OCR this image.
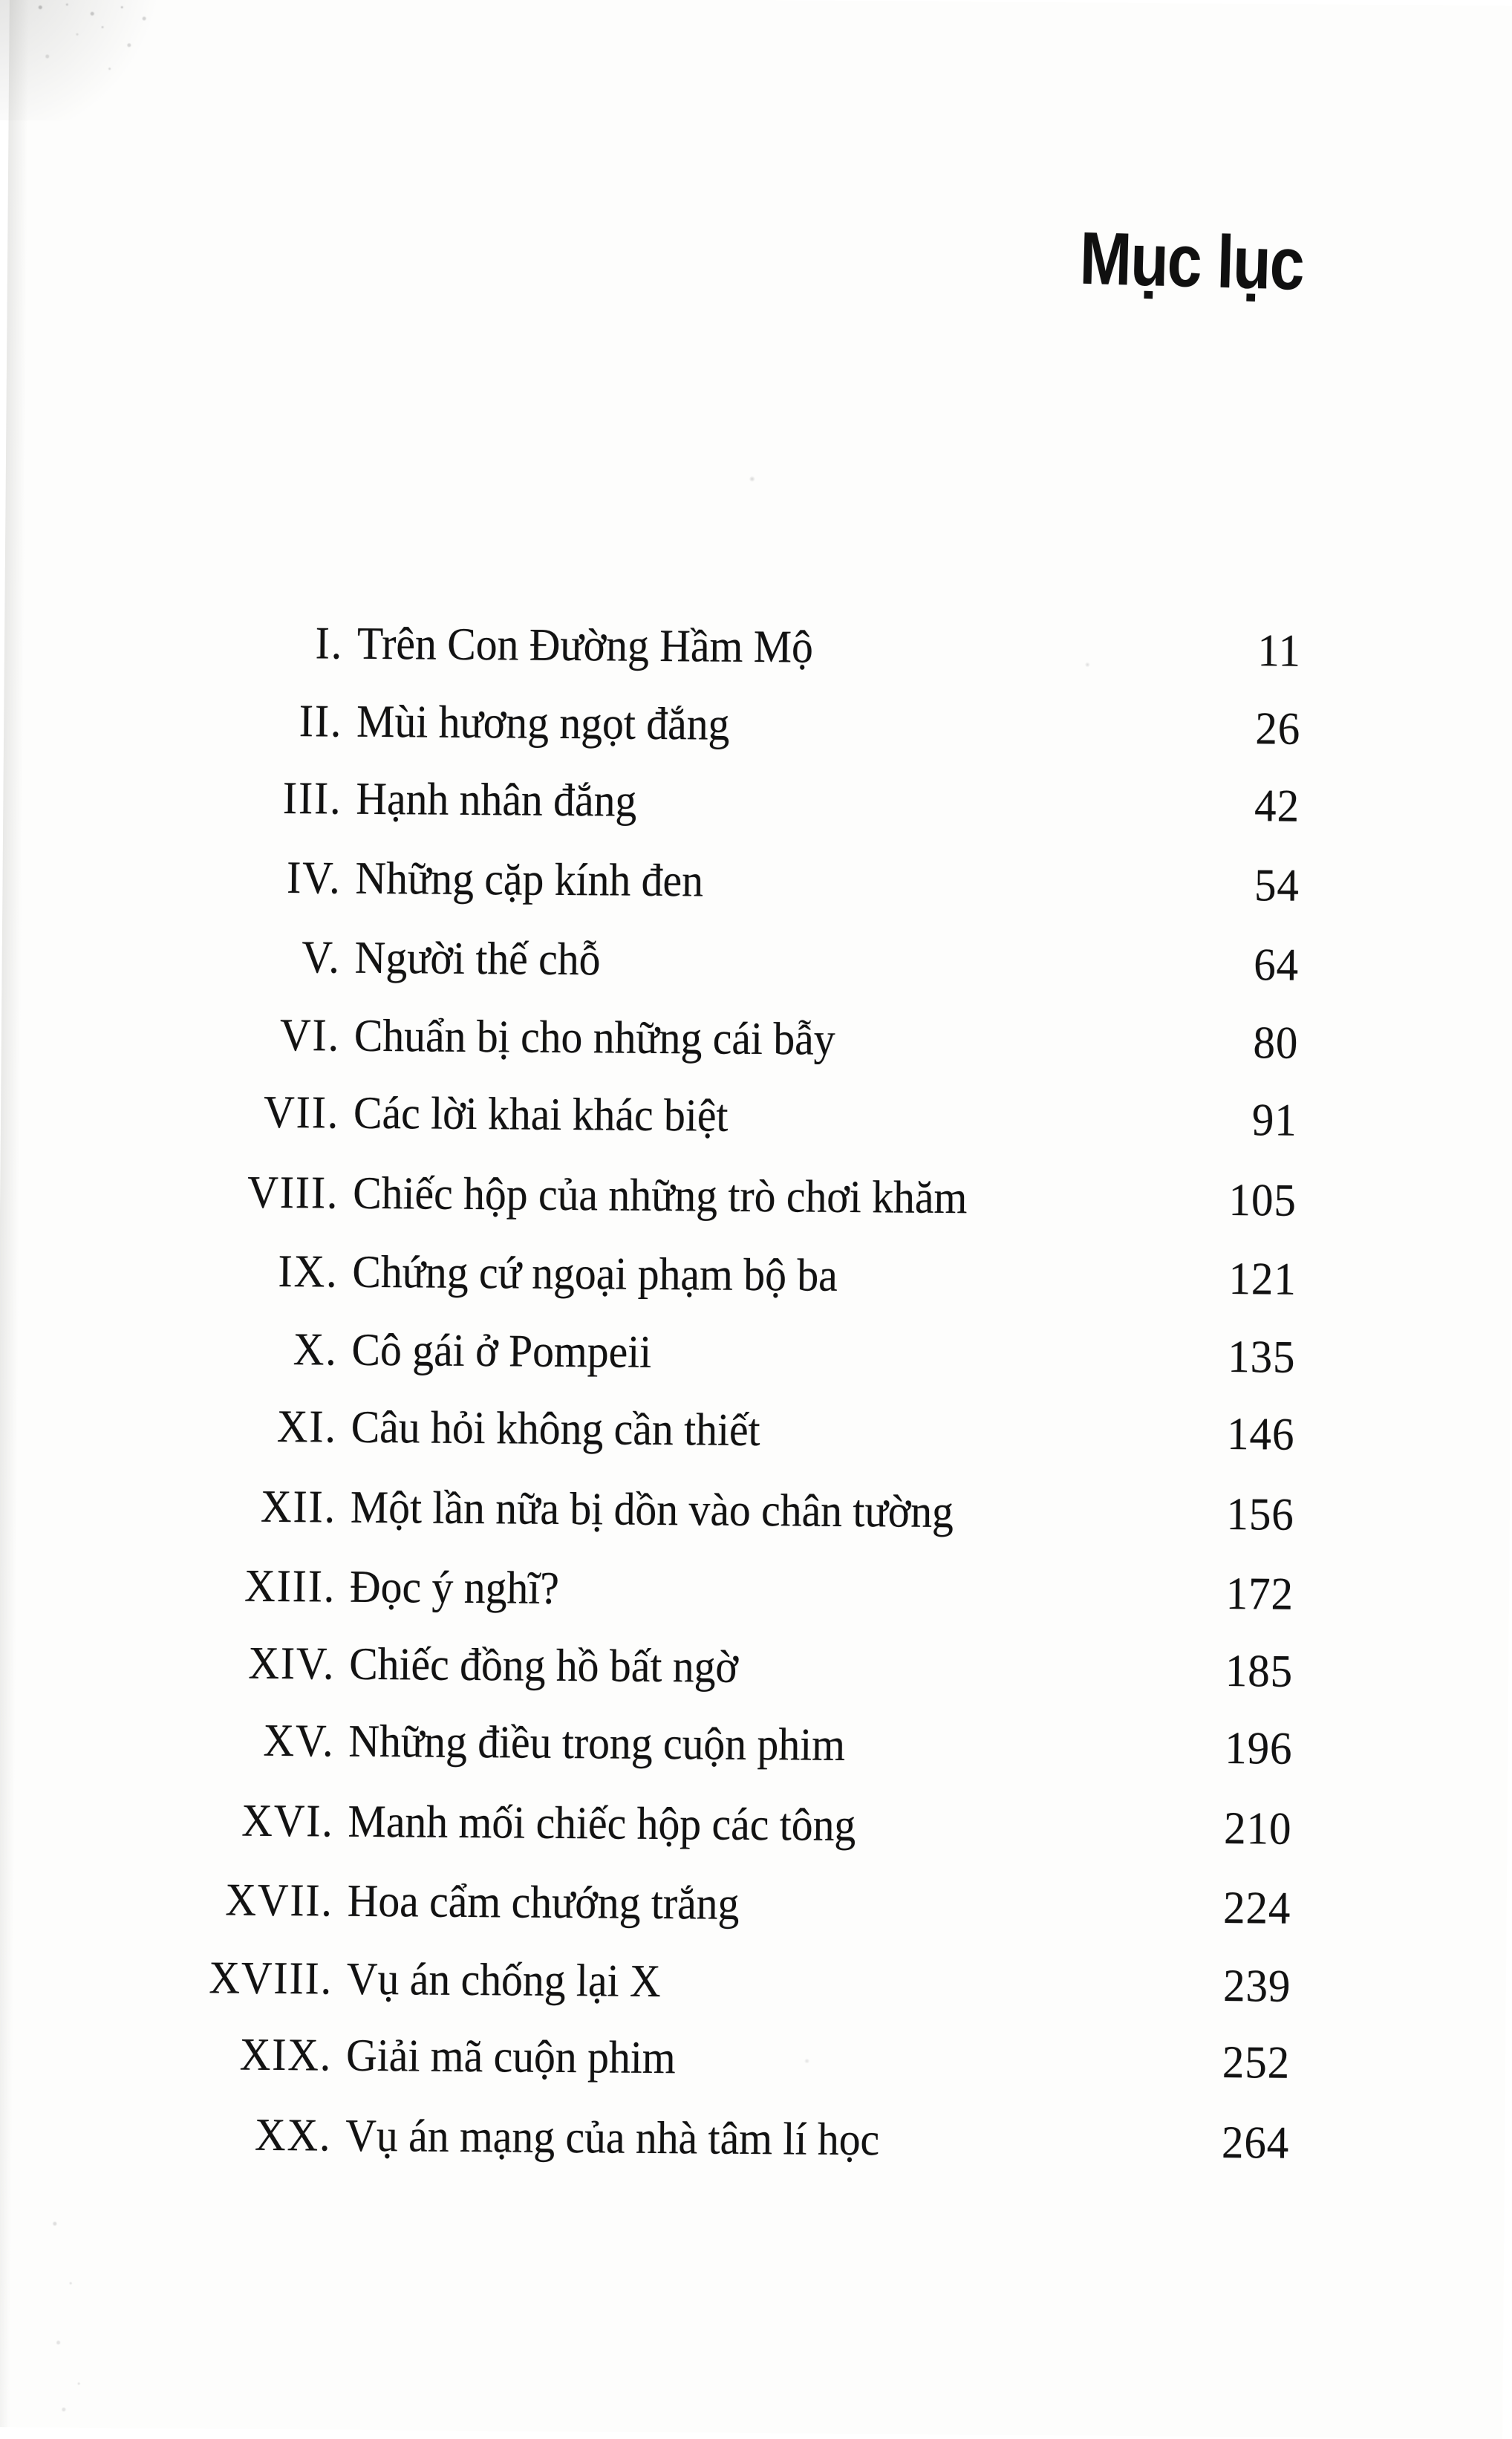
Mục lục
I. Trên Con Đường Hầm Mộ	11
II. Mùi hương ngọt đắng	26
III. Hạnh nhân đắng	42
IV. Những cặp kính đen	54
V. Người thế chỗ	64
VI. Chuẩn bị cho những cái bẫy	80
VII. Các lời khai khác biệt	91
VIII. Chiếc hộp của những trò chơi khăm	105
IX. Chứng cứ ngoại phạm bộ ba	121
X. Cô gái ở Pompeii	135
XI. Câu hỏi không cần thiết	146
XII. Một lần nữa bị dồn vào chân tường	156
XIII. Đọc ý nghĩ?	172
XIV. Chiếc đồng hồ bất ngờ	185
XV. Những điều trong cuộn phim	196
XVI. Manh mối chiếc hộp các tông	210
XVII. Hoa cẩm chướng trắng	224
XVIII. Vụ án chống lại X	239
XIX. Giải mã cuộn phim	252
XX. Vụ án mạng của nhà tâm lí học	264
